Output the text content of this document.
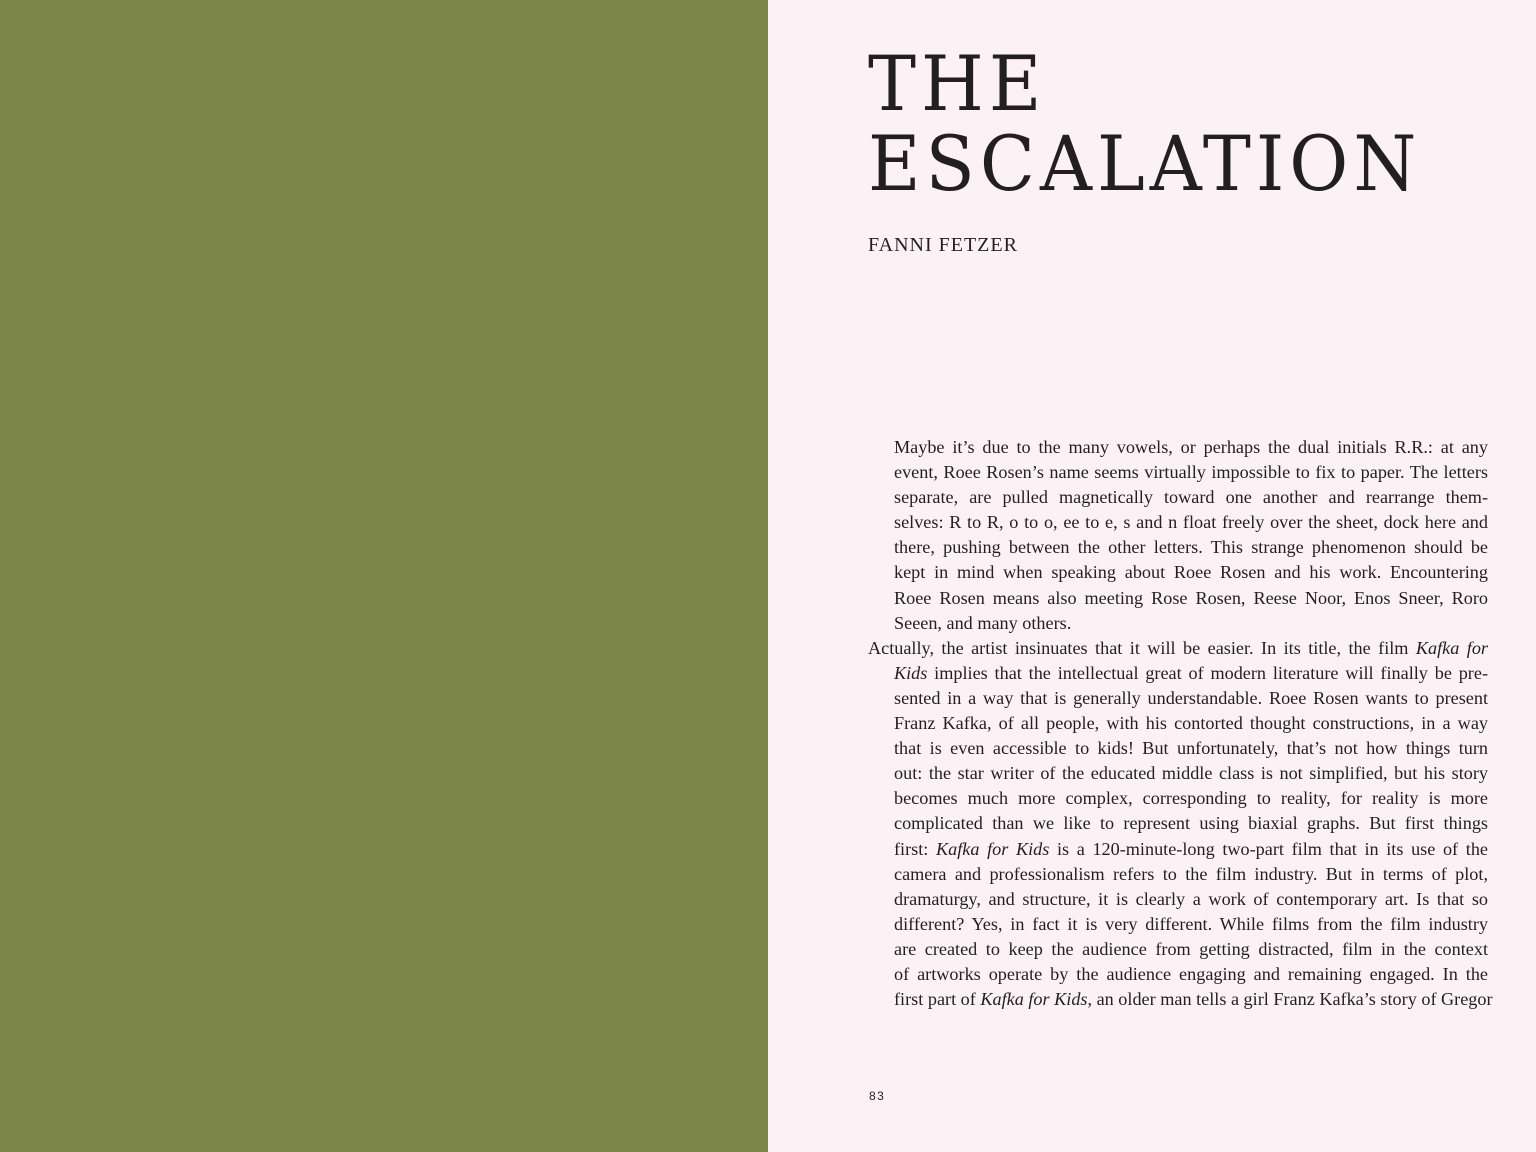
THE
ESCALATION
FANNI FETZER
Maybe it’s due to the many vowels, or perhaps the dual initials R.R.: at any
event, Roee Rosen’s name seems virtually impossible to fix to paper. The letters
separate, are pulled magnetically toward one another and rearrange them-
selves: R to R, o to o, ee to e, s and n float freely over the sheet, dock here and
there, pushing between the other letters. This strange phenomenon should be
kept in mind when speaking about Roee Rosen and his work. Encountering
Roee Rosen means also meeting Rose Rosen, Reese Noor, Enos Sneer, Roro
Seeen, and many others.
Actually, the artist insinuates that it will be easier. In its title, the film Kafka for
Kids implies that the intellectual great of modern literature will finally be pre-
sented in a way that is generally understandable. Roee Rosen wants to present
Franz Kafka, of all people, with his contorted thought constructions, in a way
that is even accessible to kids! But unfortunately, that’s not how things turn
out: the star writer of the educated middle class is not simplified, but his story
becomes much more complex, corresponding to reality, for reality is more
complicated than we like to represent using biaxial graphs. But first things
first: Kafka for Kids is a 120-minute-long two-part film that in its use of the
camera and professionalism refers to the film industry. But in terms of plot,
dramaturgy, and structure, it is clearly a work of contemporary art. Is that so
different? Yes, in fact it is very different. While films from the film industry
are created to keep the audience from getting distracted, film in the context
of artworks operate by the audience engaging and remaining engaged. In the
first part of Kafka for Kids, an older man tells a girl Franz Kafka’s story of Gregor
83
